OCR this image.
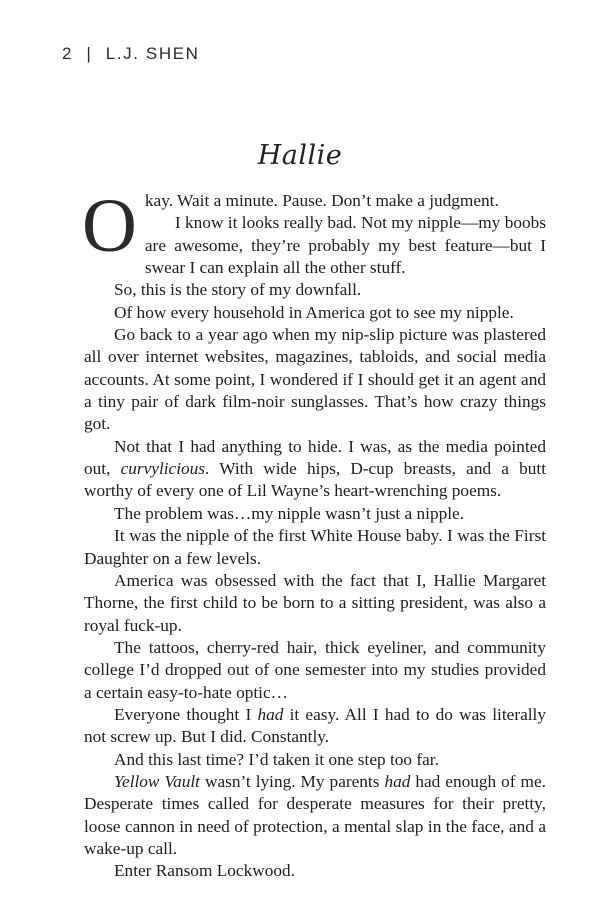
2 | L.J. SHEN
Hallie

Okay. Wait a minute. Pause. Don’t make a judgment.

I know it looks really bad. Not my nipple—my boobs are awesome, they’re probably my best feature—but I swear I can explain all the other stuff.

So, this is the story of my downfall.

Of how every household in America got to see my nipple.

Go back to a year ago when my nip-slip picture was plastered all over internet websites, magazines, tabloids, and social media accounts. At some point, I wondered if I should get it an agent and a tiny pair of dark film-noir sunglasses. That’s how crazy things got.

Not that I had anything to hide. I was, as the media pointed out, curvylicious. With wide hips, D-cup breasts, and a butt worthy of every one of Lil Wayne’s heart-wrenching poems.

The problem was…my nipple wasn’t just a nipple.

It was the nipple of the first White House baby. I was the First Daughter on a few levels.

America was obsessed with the fact that I, Hallie Margaret Thorne, the first child to be born to a sitting president, was also a royal fuck-up.

The tattoos, cherry-red hair, thick eyeliner, and community college I’d dropped out of one semester into my studies provided a certain easy-to-hate optic…

Everyone thought I had it easy. All I had to do was literally not screw up. But I did. Constantly.

And this last time? I’d taken it one step too far.

Yellow Vault wasn’t lying. My parents had had enough of me. Desperate times called for desperate measures for their pretty, loose cannon in need of protection, a mental slap in the face, and a wake-up call.

Enter Ransom Lockwood.
